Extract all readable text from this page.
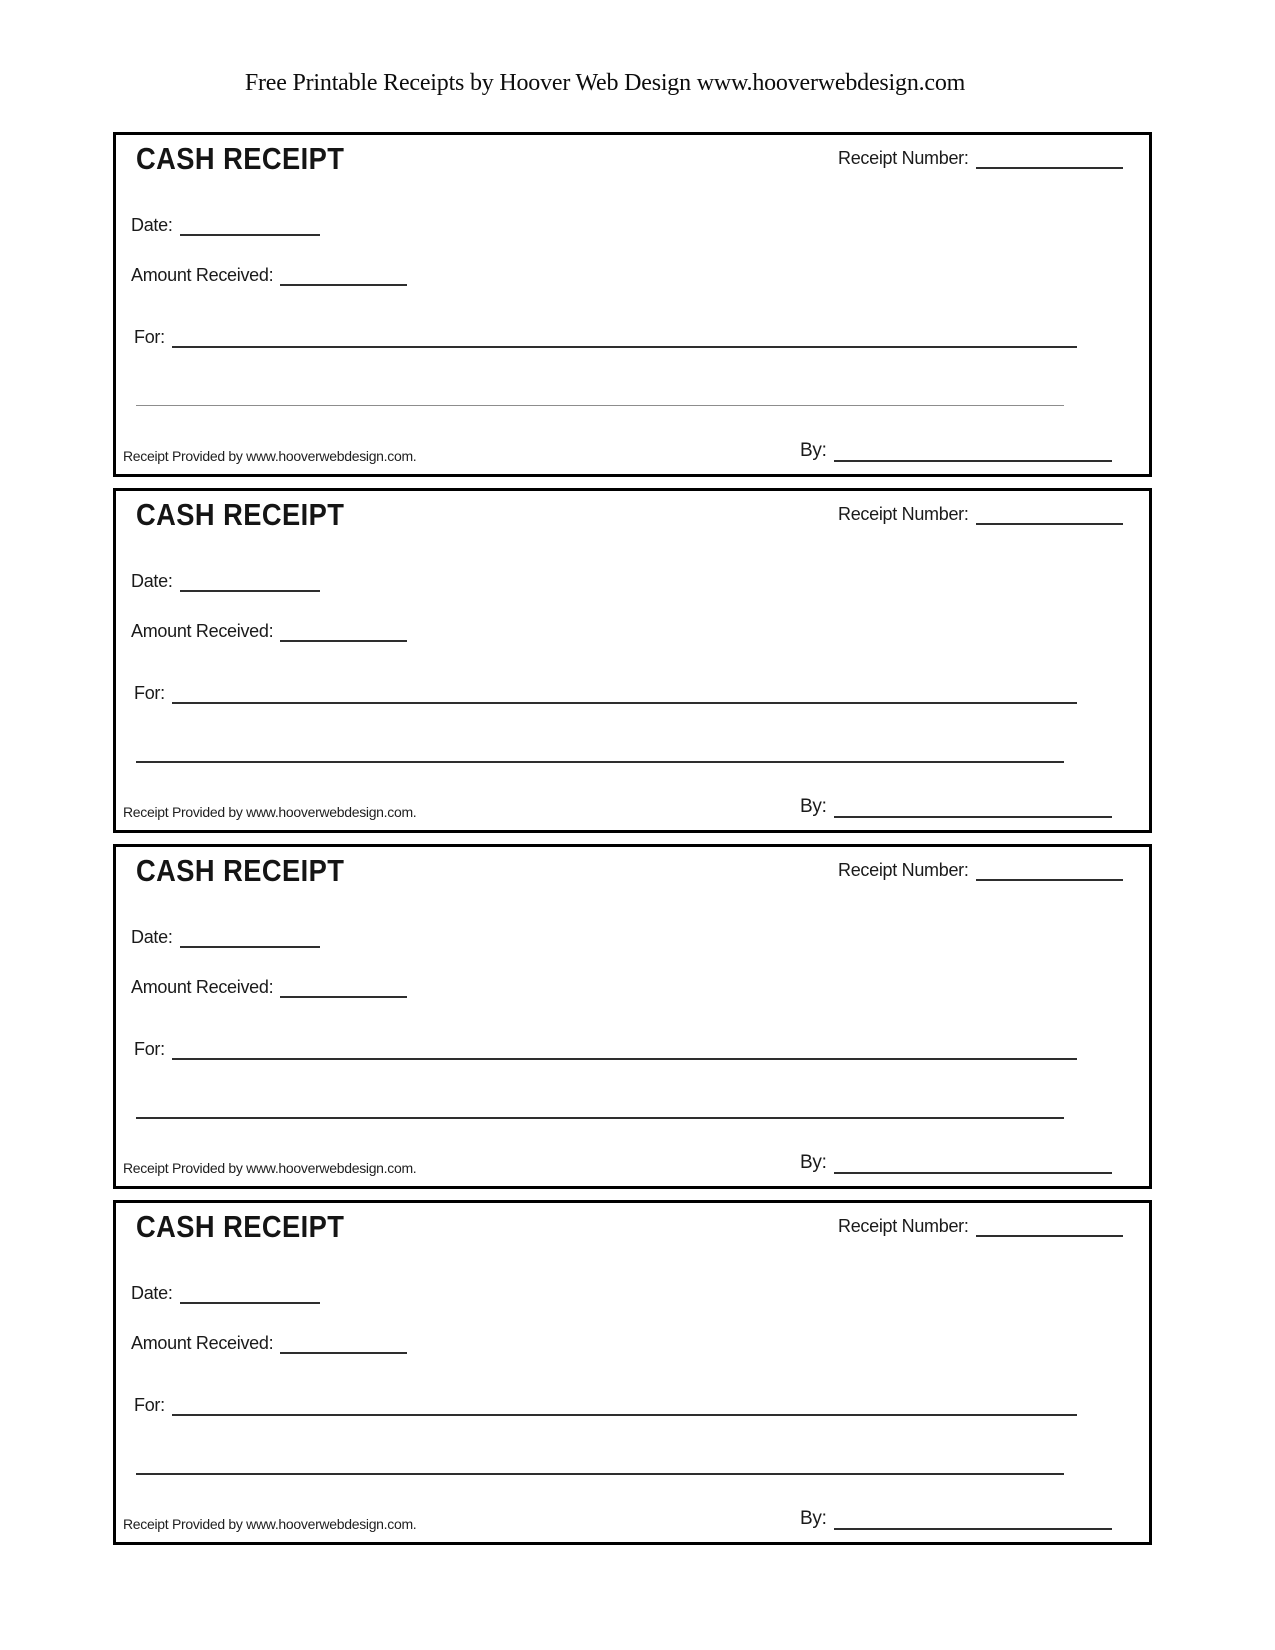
Free Printable Receipts by Hoover Web Design www.hooverwebdesign.com
CASH RECEIPT	Receipt Number:
Date:
Amount Received:
For:
Receipt Provided by www.hooverwebdesign.com.	By:
CASH RECEIPT	Receipt Number:
Date:
Amount Received:
For:
Receipt Provided by www.hooverwebdesign.com.	By:
CASH RECEIPT	Receipt Number:
Date:
Amount Received:
For:
Receipt Provided by www.hooverwebdesign.com.	By:
CASH RECEIPT	Receipt Number:
Date:
Amount Received:
For:
Receipt Provided by www.hooverwebdesign.com.	By:
